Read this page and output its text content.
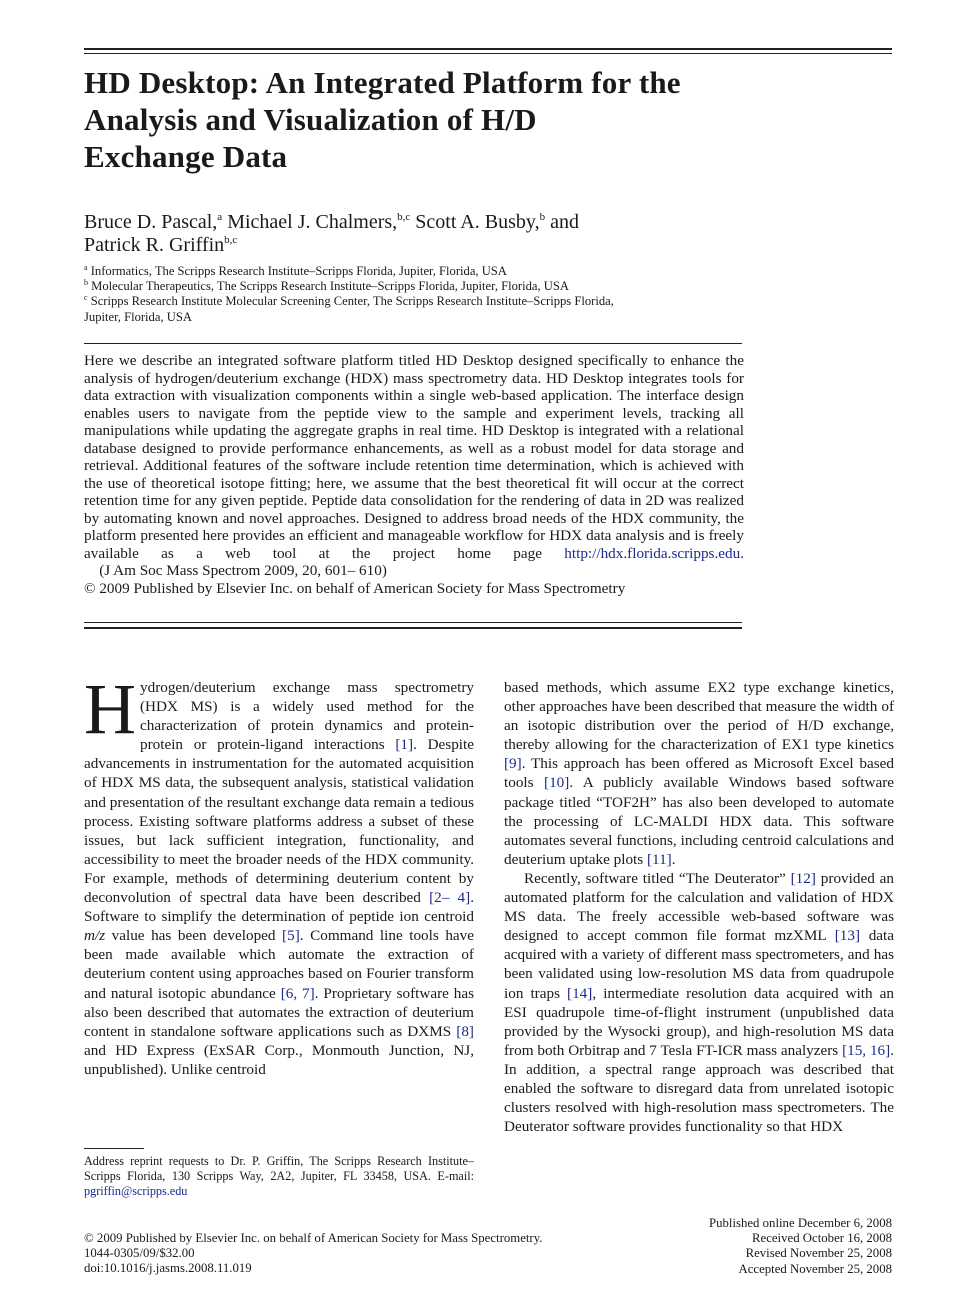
HD Desktop: An Integrated Platform for the
Analysis and Visualization of H/D
Exchange Data
Bruce D. Pascal,$^a$ Michael J. Chalmers,$^{b,c}$ Scott A. Busby,$^b$ and
Patrick R. Griffin$^{b,c}$
$^a$ Informatics, The Scripps Research Institute–Scripps Florida, Jupiter, Florida, USA
$^b$ Molecular Therapeutics, The Scripps Research Institute–Scripps Florida, Jupiter, Florida, USA
$^c$ Scripps Research Institute Molecular Screening Center, The Scripps Research Institute–Scripps Florida,
Jupiter, Florida, USA
Here we describe an integrated software platform titled HD Desktop designed specifically to enhance the analysis of hydrogen/deuterium exchange (HDX) mass spectrometry data. HD Desktop integrates tools for data extraction with visualization components within a single web-based application. The interface design enables users to navigate from the peptide view to the sample and experiment levels, tracking all manipulations while updating the aggregate graphs in real time. HD Desktop is integrated with a relational database designed to provide performance enhancements, as well as a robust model for data storage and retrieval. Additional features of the software include retention time determination, which is achieved with the use of theoretical isotope fitting; here, we assume that the best theoretical fit will occur at the correct retention time for any given peptide. Peptide data consolidation for the rendering of data in 2D was realized by automating known and novel approaches. Designed to address broad needs of the HDX community, the platform presented here provides an efficient and manageable workflow for HDX data analysis and is freely available as a web tool at the project home page http://hdx.florida.scripps.edu.    (J Am Soc Mass Spectrom 2009, 20, 601– 610)
© 2009 Published by Elsevier Inc. on behalf of American Society for Mass Spectrometry

Hydrogen/deuterium exchange mass spectrometry (HDX MS) is a widely used method for the characterization of protein dynamics and protein-protein or protein-ligand interactions [1]. Despite advancements in instrumentation for the automated acquisition of HDX MS data, the subsequent analysis, statistical validation and presentation of the resultant exchange data remain a tedious process. Existing software platforms address a subset of these issues, but lack sufficient integration, functionality, and accessibility to meet the broader needs of the HDX community. For example, methods of determining deuterium content by deconvolution of spectral data have been described [2– 4]. Software to simplify the determination of peptide ion centroid m/z value has been developed [5]. Command line tools have been made available which automate the extraction of deuterium content using approaches based on Fourier transform and natural isotopic abundance [6, 7]. Proprietary software has also been described that automates the extraction of deuterium content in standalone software applications such as DXMS [8] and HD Express (ExSAR Corp., Monmouth Junction, NJ, unpublished). Unlike centroid

based methods, which assume EX2 type exchange kinetics, other approaches have been described that measure the width of an isotopic distribution over the period of H/D exchange, thereby allowing for the characterization of EX1 type kinetics [9]. This approach has been offered as Microsoft Excel based tools [10]. A publicly available Windows based software package titled “TOF2H” has also been developed to automate the processing of LC-MALDI HDX data. This software automates several functions, including centroid calculations and deuterium uptake plots [11].

Recently, software titled “The Deuterator” [12] provided an automated platform for the calculation and validation of HDX MS data. The freely accessible web-based software was designed to accept common file format mzXML [13] data acquired with a variety of different mass spectrometers, and has been validated using low-resolution MS data from quadrupole ion traps [14], intermediate resolution data acquired with an ESI quadrupole time-of-flight instrument (unpublished data provided by the Wysocki group), and high-resolution MS data from both Orbitrap and 7 Tesla FT-ICR mass analyzers [15, 16]. In addition, a spectral range approach was described that enabled the software to disregard data from unrelated isotopic clusters resolved with high-resolution mass spectrometers. The Deuterator software provides functionality so that HDX

Address reprint requests to Dr. P. Griffin, The Scripps Research Institute–Scripps Florida, 130 Scripps Way, 2A2, Jupiter, FL 33458, USA. E-mail: pgriffin@scripps.edu
© 2009 Published by Elsevier Inc. on behalf of American Society for Mass Spectrometry.
1044-0305/09/$32.00
doi:10.1016/j.jasms.2008.11.019
Published online December 6, 2008
Received October 16, 2008
Revised November 25, 2008
Accepted November 25, 2008
